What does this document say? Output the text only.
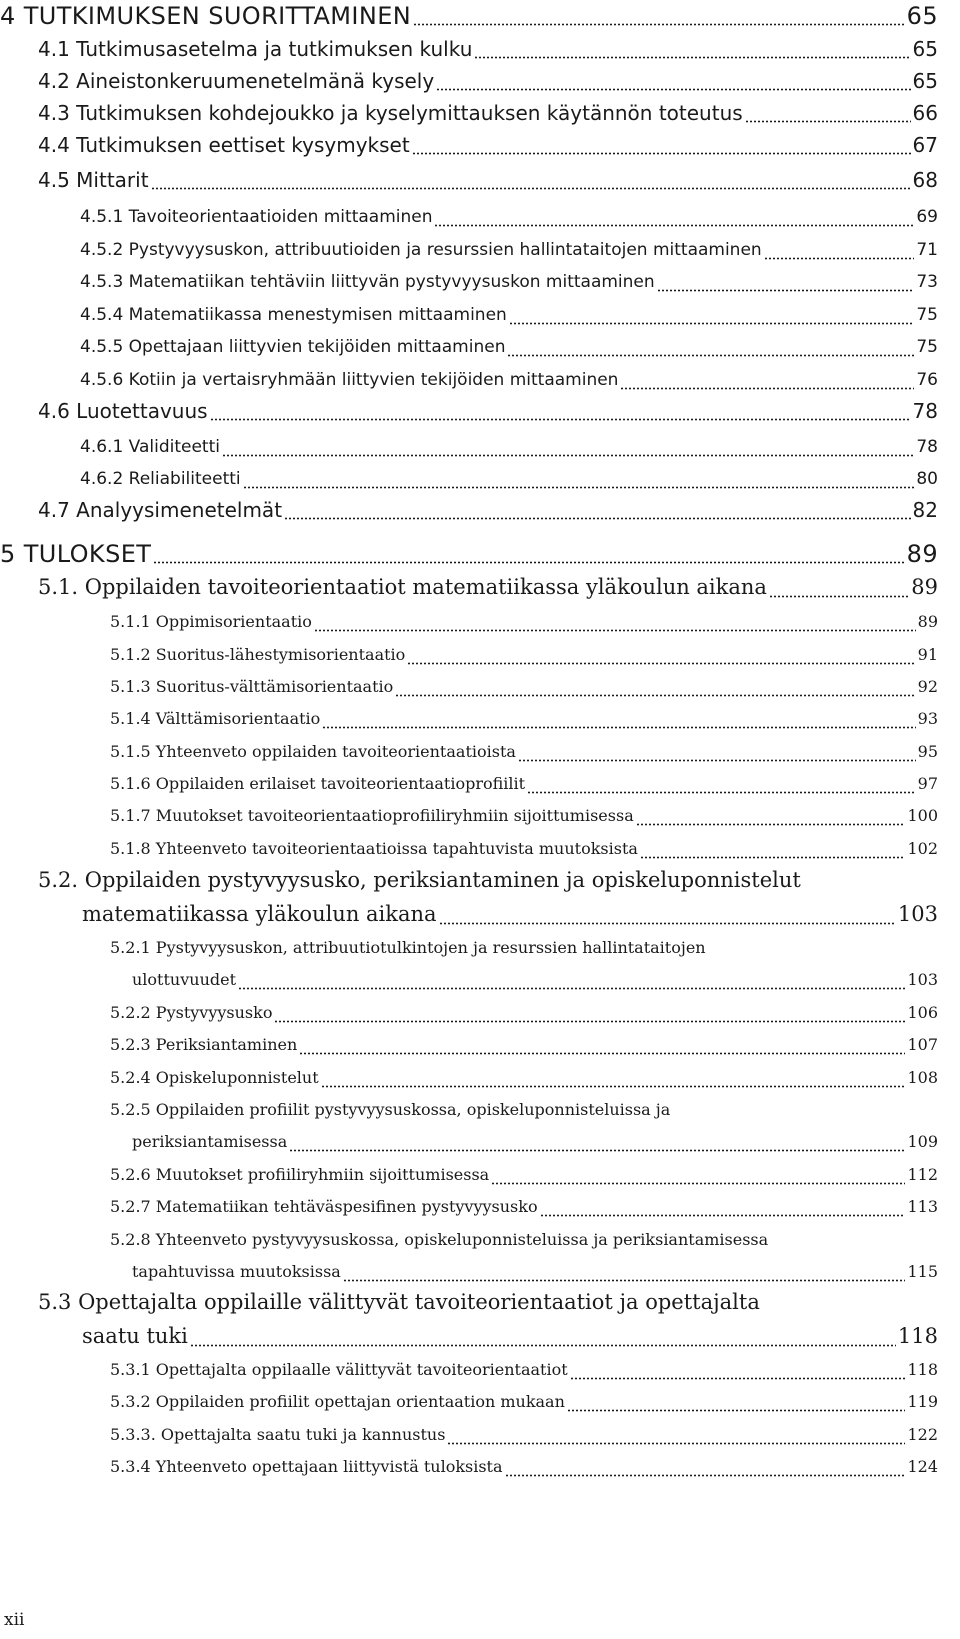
4 TUTKIMUKSEN SUORITTAMINEN	65
4.1 Tutkimusasetelma ja tutkimuksen kulku	65
4.2 Aineistonkeruumenetelmänä kysely	65
4.3 Tutkimuksen kohdejoukko ja kyselymittauksen käytännön toteutus	66
4.4 Tutkimuksen eettiset kysymykset	67
4.5 Mittarit	68
4.5.1 Tavoiteorientaatioiden mittaaminen	69
4.5.2 Pystyvyysuskon, attribuutioiden ja resurssien hallintataitojen mittaaminen	71
4.5.3 Matematiikan tehtäviin liittyvän pystyvyysuskon mittaaminen	73
4.5.4 Matematiikassa menestymisen mittaaminen	75
4.5.5 Opettajaan liittyvien tekijöiden mittaaminen	75
4.5.6 Kotiin ja vertaisryhmään liittyvien tekijöiden mittaaminen	76
4.6 Luotettavuus	78
4.6.1 Validiteetti	78
4.6.2 Reliabiliteetti	80
4.7 Analyysimenetelmät	82
5 TULOKSET	89
5.1. Oppilaiden tavoiteorientaatiot matematiikassa yläkoulun aikana	89
5.1.1 Oppimisorientaatio	89
5.1.2 Suoritus-lähestymisorientaatio	91
5.1.3 Suoritus-välttämisorientaatio	92
5.1.4 Välttämisorientaatio	93
5.1.5 Yhteenveto oppilaiden tavoiteorientaatioista	95
5.1.6 Oppilaiden erilaiset tavoiteorientaatioprofiilit	97
5.1.7 Muutokset tavoiteorientaatioprofiiliryhmiin sijoittumisessa	100
5.1.8 Yhteenveto tavoiteorientaatioissa tapahtuvista muutoksista	102
5.2. Oppilaiden pystyvyysusko, periksiantaminen ja opiskeluponnistelut
matematiikassa yläkoulun aikana	103
5.2.1 Pystyvyysuskon, attribuutiotulkintojen ja resurssien hallintataitojen
ulottuvuudet	103
5.2.2 Pystyvyysusko	106
5.2.3 Periksiantaminen	107
5.2.4 Opiskeluponnistelut	108
5.2.5 Oppilaiden profiilit pystyvyysuskossa, opiskeluponnisteluissa ja
periksiantamisessa	109
5.2.6 Muutokset profiiliryhmiin sijoittumisessa	112
5.2.7 Matematiikan tehtäväspesifinen pystyvyysusko	113
5.2.8 Yhteenveto pystyvyysuskossa, opiskeluponnisteluissa ja periksiantamisessa
tapahtuvissa muutoksissa	115
5.3 Opettajalta oppilaille välittyvät tavoiteorientaatiot ja opettajalta
saatu tuki	118
5.3.1 Opettajalta oppilaalle välittyvät tavoiteorientaatiot	118
5.3.2 Oppilaiden profiilit opettajan orientaation mukaan	119
5.3.3. Opettajalta saatu tuki ja kannustus	122
5.3.4 Yhteenveto opettajaan liittyvistä tuloksista	124
xii
